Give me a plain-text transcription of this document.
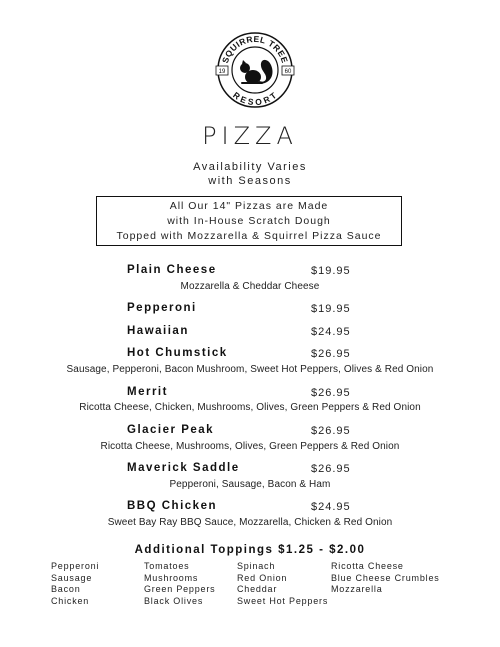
SQUIRREL TREE
RESORT
19	60
PIZZA
Availability Varies
with Seasons
All Our 14" Pizzas are Made
with In-House Scratch Dough
Topped with Mozzarella & Squirrel Pizza Sauce
Plain Cheese	$19.95
Mozzarella & Cheddar Cheese
Pepperoni	$19.95
Hawaiian	$24.95
Hot Chumstick	$26.95
Sausage, Pepperoni, Bacon Mushroom, Sweet Hot Peppers, Olives & Red Onion
Merrit	$26.95
Ricotta Cheese, Chicken, Mushrooms, Olives, Green Peppers & Red Onion
Glacier Peak	$26.95
Ricotta Cheese, Mushrooms, Olives, Green Peppers & Red Onion
Maverick Saddle	$26.95
Pepperoni, Sausage, Bacon & Ham
BBQ Chicken	$24.95
Sweet Bay Ray BBQ Sauce, Mozzarella, Chicken & Red Onion
Additional Toppings $1.25 - $2.00
Pepperoni
Sausage
Bacon
Chicken
Tomatoes
Mushrooms
Green Peppers
Black Olives
Spinach
Red Onion
Cheddar
Sweet Hot Peppers
Ricotta Cheese
Blue Cheese Crumbles
Mozzarella
